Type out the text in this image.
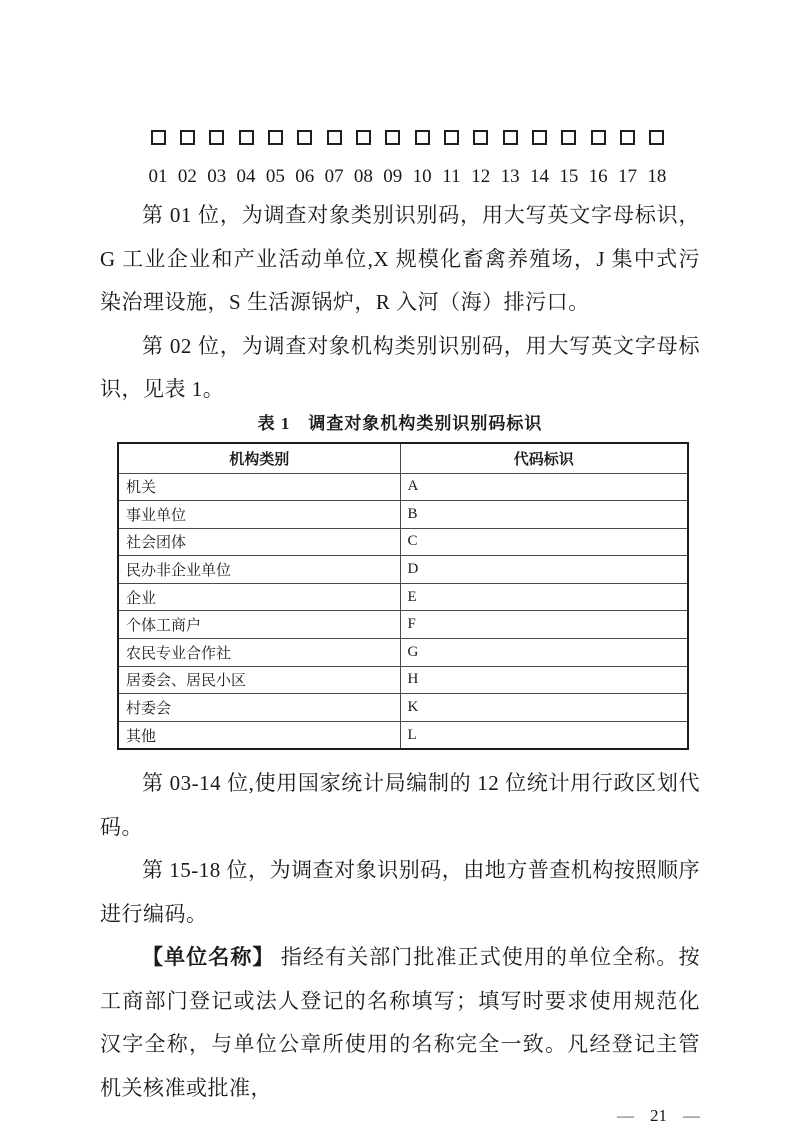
01 02 03 04 05 06 07 08 09 10 11 12 13 14 15 16 17 18

第 01 位，为调查对象类别识别码，用大写英文字母标识，G 工业企业和产业活动单位,X 规模化畜禽养殖场，J 集中式污染治理设施，S 生活源锅炉，R 入河（海）排污口。

第 02 位，为调查对象机构类别识别码，用大写英文字母标识，见表 1。

表 1　调查对象机构类别识别码标识
机构类别	代码标识
机关	A
事业单位	B
社会团体	C
民办非企业单位	D
企业	E
个体工商户	F
农民专业合作社	G
居委会、居民小区	H
村委会	K
其他	L

第 03-14 位,使用国家统计局编制的 12 位统计用行政区划代码。

第 15-18 位，为调查对象识别码，由地方普查机构按照顺序进行编码。

【单位名称】 指经有关部门批准正式使用的单位全称。按工商部门登记或法人登记的名称填写；填写时要求使用规范化汉字全称，与单位公章所使用的名称完全一致。凡经登记主管机关核准或批准，

— 21 —
